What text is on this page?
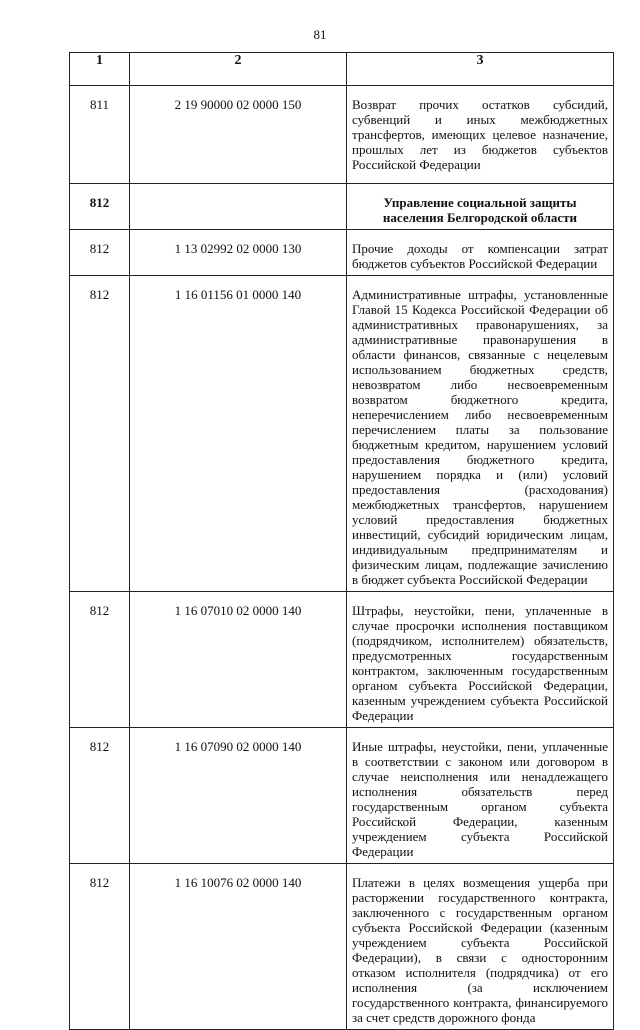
81
1	2	3
811	2 19 90000 02 0000 150	Возврат прочих остатков субсидий, субвенций и иных межбюджетных трансфертов, имеющих целевое назначение, прошлых лет из бюджетов субъектов Российской Федерации
812		Управление социальной защиты населения Белгородской области
812	1 13 02992 02 0000 130	Прочие доходы от компенсации затрат бюджетов субъектов Российской Федерации
812	1 16 01156 01 0000 140	Административные штрафы, установленные Главой 15 Кодекса Российской Федерации об административных правонарушениях, за административные правонарушения в области финансов, связанные с нецелевым использованием бюджетных средств, невозвратом либо несвоевременным возвратом бюджетного кредита, неперечислением либо несвоевременным перечислением платы за пользование бюджетным кредитом, нарушением условий предоставления бюджетного кредита, нарушением порядка и (или) условий предоставления (расходования) межбюджетных трансфертов, нарушением условий предоставления бюджетных инвестиций, субсидий юридическим лицам, индивидуальным предпринимателям и физическим лицам, подлежащие зачислению в бюджет субъекта Российской Федерации
812	1 16 07010 02 0000 140	Штрафы, неустойки, пени, уплаченные в случае просрочки исполнения поставщиком (подрядчиком, исполнителем) обязательств, предусмотренных государственным контрактом, заключенным государственным органом субъекта Российской Федерации, казенным учреждением субъекта Российской Федерации
812	1 16 07090 02 0000 140	Иные штрафы, неустойки, пени, уплаченные в соответствии с законом или договором в случае неисполнения или ненадлежащего исполнения обязательств перед государственным органом субъекта Российской Федерации, казенным учреждением субъекта Российской Федерации
812	1 16 10076 02 0000 140	Платежи в целях возмещения ущерба при расторжении государственного контракта, заключенного с государственным органом субъекта Российской Федерации (казенным учреждением субъекта Российской Федерации), в связи с односторонним отказом исполнителя (подрядчика) от его исполнения (за исключением государственного контракта, финансируемого за счет средств дорожного фонда
